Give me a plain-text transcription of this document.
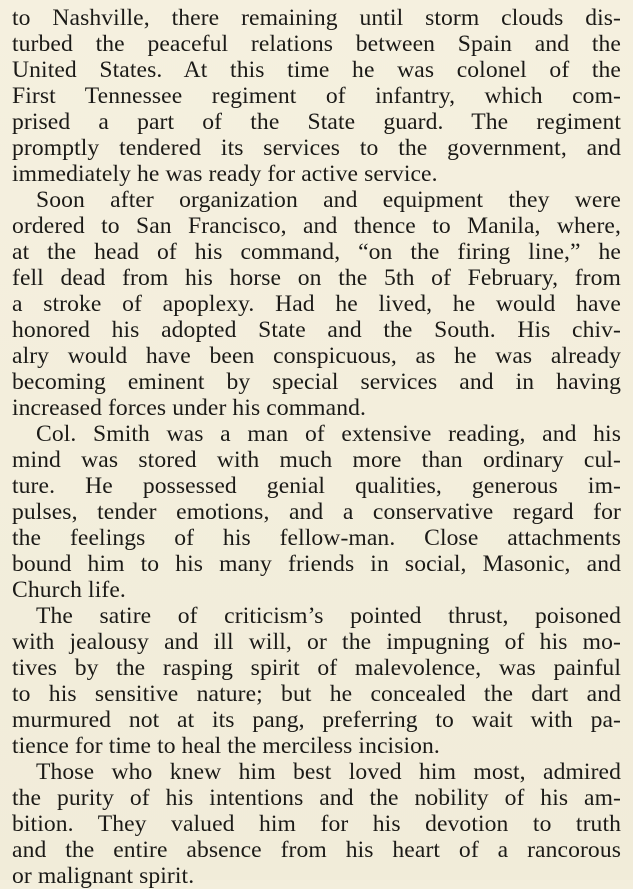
to Nashville, there remaining until storm clouds dis-
turbed the peaceful relations between Spain and the
United States. At this time he was colonel of the
First Tennessee regiment of infantry, which com-
prised a part of the State guard. The regiment
promptly tendered its services to the government, and
immediately he was ready for active service.
Soon after organization and equipment they were
ordered to San Francisco, and thence to Manila, where,
at the head of his command, “on the firing line,” he
fell dead from his horse on the 5th of February, from
a stroke of apoplexy. Had he lived, he would have
honored his adopted State and the South. His chiv-
alry would have been conspicuous, as he was already
becoming eminent by special services and in having
increased forces under his command.
Col. Smith was a man of extensive reading, and his
mind was stored with much more than ordinary cul-
ture. He possessed genial qualities, generous im-
pulses, tender emotions, and a conservative regard for
the feelings of his fellow-man. Close attachments
bound him to his many friends in social, Masonic, and
Church life.
The satire of criticism’s pointed thrust, poisoned
with jealousy and ill will, or the impugning of his mo-
tives by the rasping spirit of malevolence, was painful
to his sensitive nature; but he concealed the dart and
murmured not at its pang, preferring to wait with pa-
tience for time to heal the merciless incision.
Those who knew him best loved him most, admired
the purity of his intentions and the nobility of his am-
bition. They valued him for his devotion to truth
and the entire absence from his heart of a rancorous
or malignant spirit.
